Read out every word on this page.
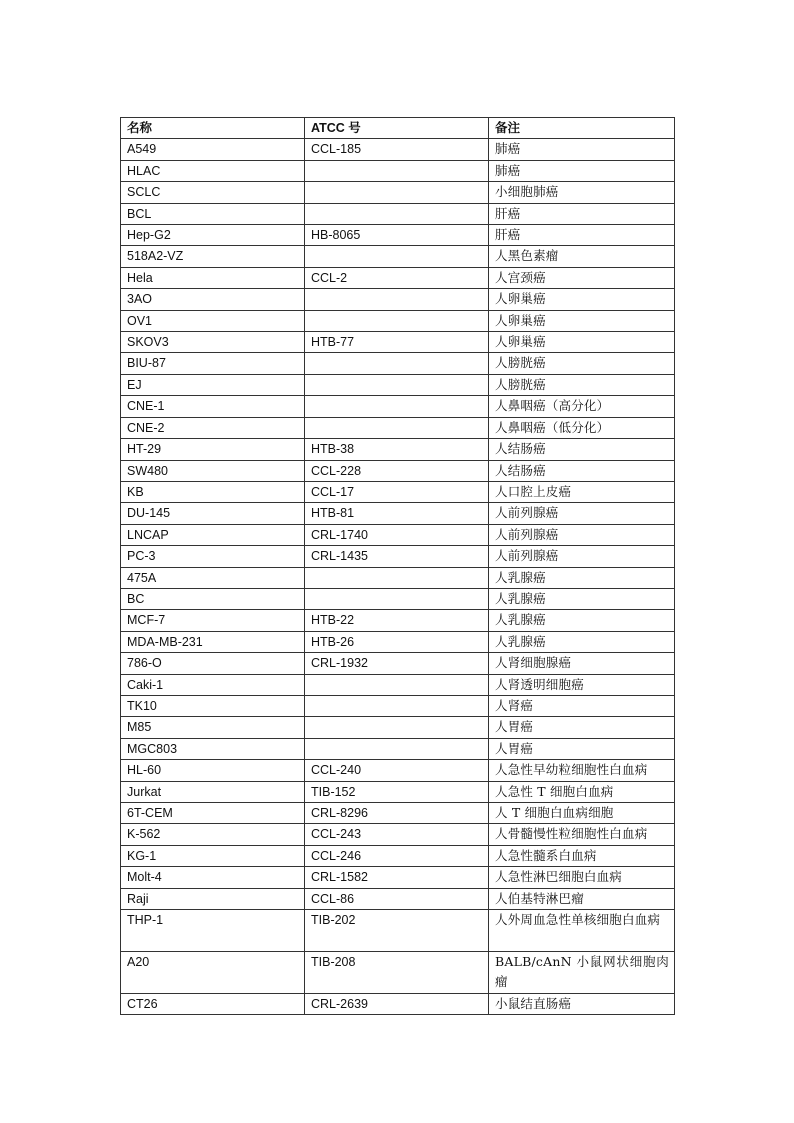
名称	ATCC 号	备注
A549	CCL-185	肺癌
HLAC		肺癌
SCLC		小细胞肺癌
BCL		肝癌
Hep-G2	HB-8065	肝癌
518A2-VZ		人黑色素瘤
Hela	CCL-2	人宫颈癌
3AO		人卵巢癌
OV1		人卵巢癌
SKOV3	HTB-77	人卵巢癌
BIU-87		人膀胱癌
EJ		人膀胱癌
CNE-1		人鼻咽癌（高分化）
CNE-2		人鼻咽癌（低分化）
HT-29	HTB-38	人结肠癌
SW480	CCL-228	人结肠癌
KB	CCL-17	人口腔上皮癌
DU-145	HTB-81	人前列腺癌
LNCAP	CRL-1740	人前列腺癌
PC-3	CRL-1435	人前列腺癌
475A		人乳腺癌
BC		人乳腺癌
MCF-7	HTB-22	人乳腺癌
MDA-MB-231	HTB-26	人乳腺癌
786-O	CRL-1932	人肾细胞腺癌
Caki-1		人肾透明细胞癌
TK10		人肾癌
M85		人胃癌
MGC803		人胃癌
HL-60	CCL-240	人急性早幼粒细胞性白血病
Jurkat	TIB-152	人急性 T 细胞白血病
6T-CEM	CRL-8296	人 T 细胞白血病细胞
K-562	CCL-243	人骨髓慢性粒细胞性白血病
KG-1	CCL-246	人急性髓系白血病
Molt-4	CRL-1582	人急性淋巴细胞白血病
Raji	CCL-86	人伯基特淋巴瘤
THP-1	TIB-202	人外周血急性单核细胞白血病
A20	TIB-208	BALB/cAnN 小鼠网状细胞肉瘤
CT26	CRL-2639	小鼠结直肠癌
